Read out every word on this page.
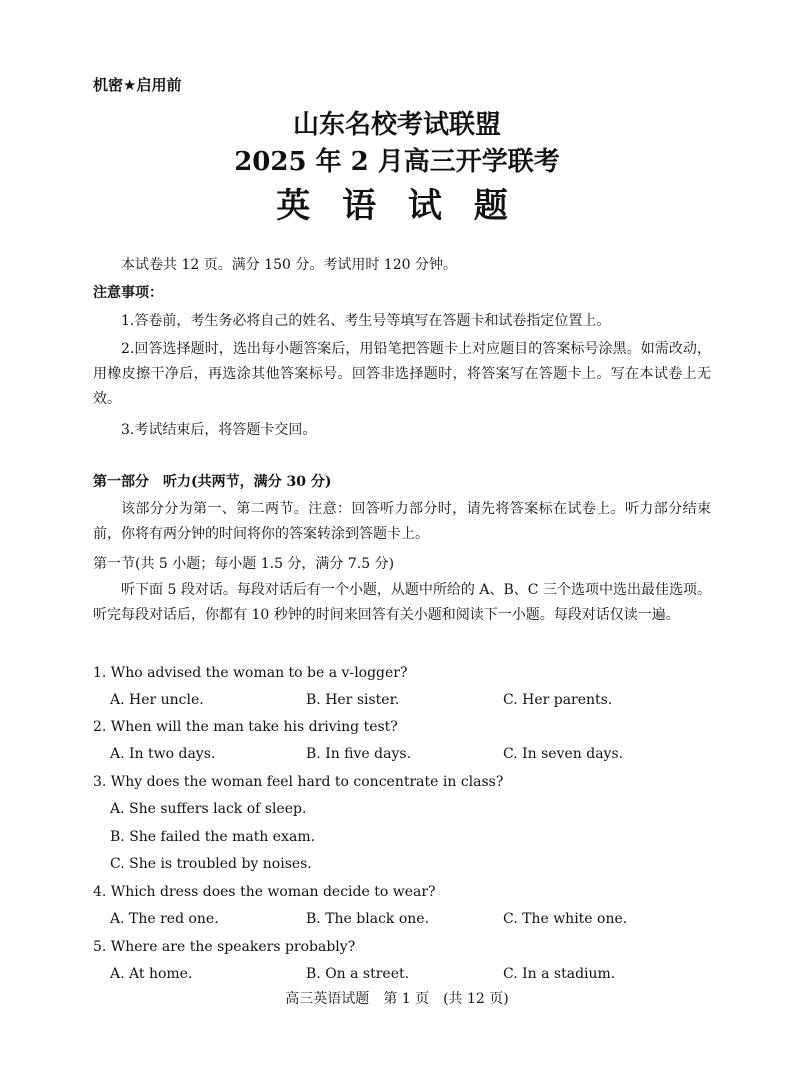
机密★启用前
山东名校考试联盟
2025 年 2 月高三开学联考
英 语 试 题
本试卷共 12 页。满分 150 分。考试用时 120 分钟。
注意事项：
1.答卷前，考生务必将自己的姓名、考生号等填写在答题卡和试卷指定位置上。
2.回答选择题时，选出每小题答案后，用铅笔把答题卡上对应题目的答案标号涂黑。如需改动，用橡皮擦干净后，再选涂其他答案标号。回答非选择题时，将答案写在答题卡上。写在本试卷上无效。
3.考试结束后，将答题卡交回。
第一部分　听力(共两节，满分 30 分)
该部分分为第一、第二两节。注意：回答听力部分时，请先将答案标在试卷上。听力部分结束前，你将有两分钟的时间将你的答案转涂到答题卡上。
第一节(共 5 小题；每小题 1.5 分，满分 7.5 分)
听下面 5 段对话。每段对话后有一个小题，从题中所给的 A、B、C 三个选项中选出最佳选项。听完每段对话后，你都有 10 秒钟的时间来回答有关小题和阅读下一小题。每段对话仅读一遍。
1. Who advised the woman to be a v-logger?
A. Her uncle.	B. Her sister.	C. Her parents.
2. When will the man take his driving test?
A. In two days.	B. In five days.	C. In seven days.
3. Why does the woman feel hard to concentrate in class?
A. She suffers lack of sleep.
B. She failed the math exam.
C. She is troubled by noises.
4. Which dress does the woman decide to wear?
A. The red one.	B. The black one.	C. The white one.
5. Where are the speakers probably?
A. At home.	B. On a street.	C. In a stadium.
高三英语试题　第 1 页　(共 12 页)
